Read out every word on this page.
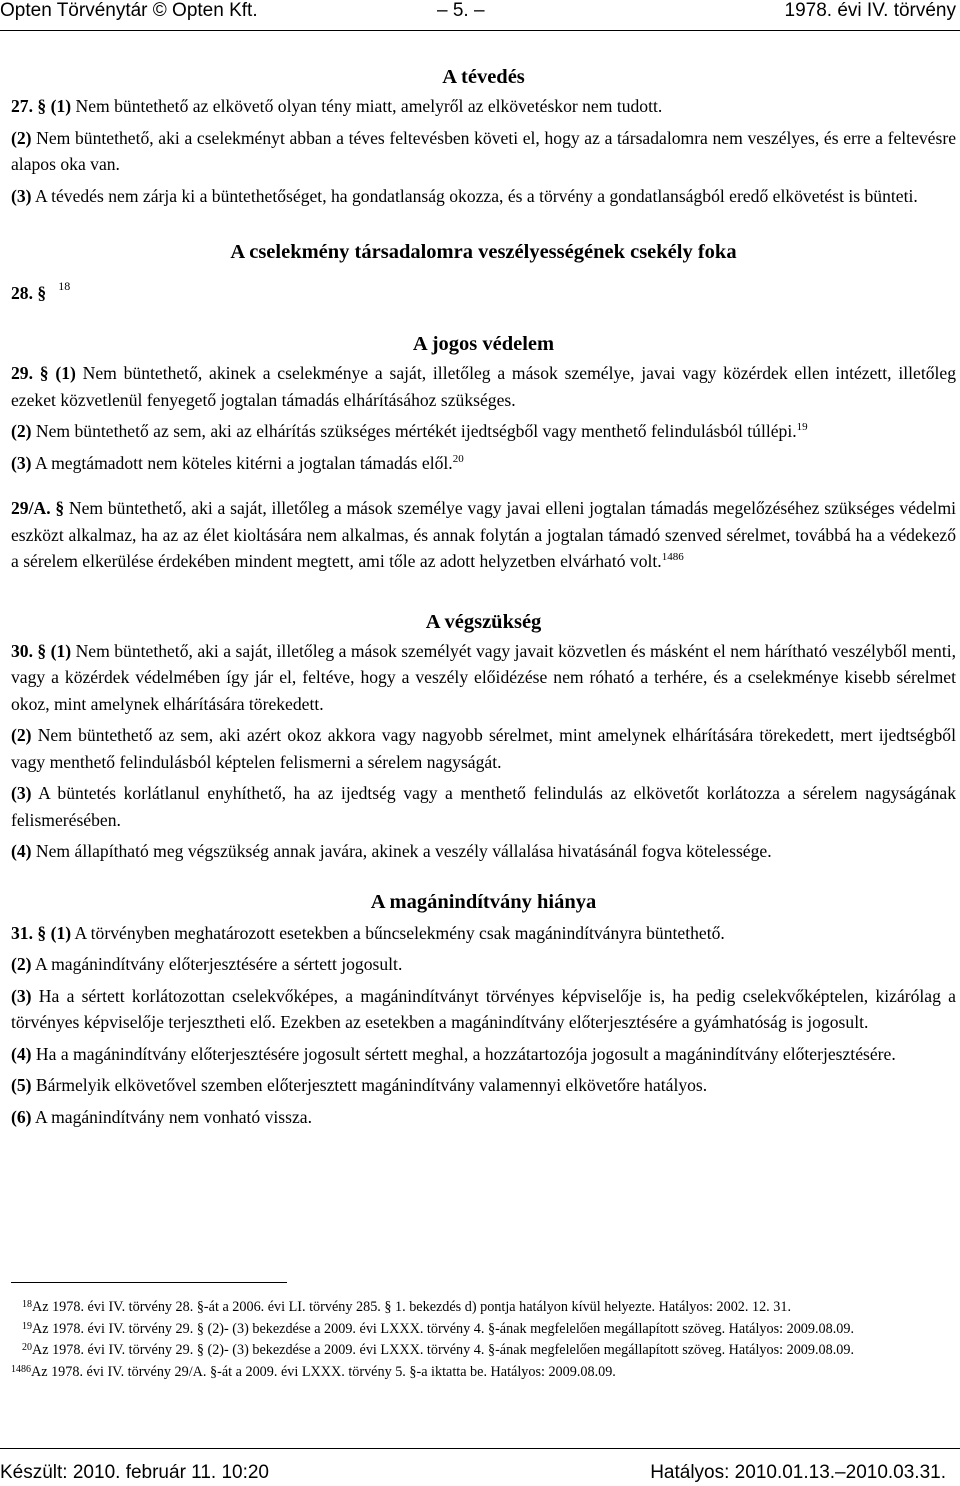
Opten Törvénytár © Opten Kft.	– 5. –	1978. évi IV. törvény
A tévedés

27. § (1) Nem büntethető az elkövető olyan tény miatt, amelyről az elkövetéskor nem tudott.

(2) Nem büntethető, aki a cselekményt abban a téves feltevésben követi el, hogy az a társadalomra nem veszélyes, és erre a feltevésre alapos oka van.

(3) A tévedés nem zárja ki a büntethetőséget, ha gondatlanság okozza, és a törvény a gondatlanságból eredő elkövetést is bünteti.

A cselekmény társadalomra veszélyességének csekély foka
28. § $^{18}$
A jogos védelem

29. § (1) Nem büntethető, akinek a cselekménye a saját, illetőleg a mások személye, javai vagy közérdek ellen intézett, illetőleg ezeket közvetlenül fenyegető jogtalan támadás elhárításához szükséges.

(2) Nem büntethető az sem, aki az elhárítás szükséges mértékét ijedtségből vagy menthető felindulásból túllépi.$^{19}$

(3) A megtámadott nem köteles kitérni a jogtalan támadás elől.$^{20}$

29/A. § Nem büntethető, aki a saját, illetőleg a mások személye vagy javai elleni jogtalan támadás megelőzéséhez szükséges védelmi eszközt alkalmaz, ha az az élet kioltására nem alkalmas, és annak folytán a jogtalan támadó szenved sérelmet, továbbá ha a védekező a sérelem elkerülése érdekében mindent megtett, ami tőle az adott helyzetben elvárható volt.$^{1486}$

A végszükség

30. § (1) Nem büntethető, aki a saját, illetőleg a mások személyét vagy javait közvetlen és másként el nem hárítható veszélyből menti, vagy a közérdek védelmében így jár el, feltéve, hogy a veszély előidézése nem róható a terhére, és a cselekménye kisebb sérelmet okoz, mint amelynek elhárítására törekedett.

(2) Nem büntethető az sem, aki azért okoz akkora vagy nagyobb sérelmet, mint amelynek elhárítására törekedett, mert ijedtségből vagy menthető felindulásból képtelen felismerni a sérelem nagyságát.

(3) A büntetés korlátlanul enyhíthető, ha az ijedtség vagy a menthető felindulás az elkövetőt korlátozza a sérelem nagyságának felismerésében.

(4) Nem állapítható meg végszükség annak javára, akinek a veszély vállalása hivatásánál fogva kötelessége.

A magánindítvány hiánya

31. § (1) A törvényben meghatározott esetekben a bűncselekmény csak magánindítványra büntethető.

(2) A magánindítvány előterjesztésére a sértett jogosult.

(3) Ha a sértett korlátozottan cselekvőképes, a magánindítványt törvényes képviselője is, ha pedig cselekvőképtelen, kizárólag a törvényes képviselője terjesztheti elő. Ezekben az esetekben a magánindítvány előterjesztésére a gyámhatóság is jogosult.

(4) Ha a magánindítvány előterjesztésére jogosult sértett meghal, a hozzátartozója jogosult a magánindítvány előterjesztésére.

(5) Bármelyik elkövetővel szemben előterjesztett magánindítvány valamennyi elkövetőre hatályos.

(6) A magánindítvány nem vonható vissza.

$^{18}$Az 1978. évi IV. törvény 28. §-át a 2006. évi LI. törvény 285. § 1. bekezdés d) pontja hatályon kívül helyezte. Hatályos: 2002. 12. 31.

$^{19}$Az 1978. évi IV. törvény 29. § (2)- (3) bekezdése a 2009. évi LXXX. törvény 4. §-ának megfelelően megállapított szöveg. Hatályos: 2009.08.09.

$^{20}$Az 1978. évi IV. törvény 29. § (2)- (3) bekezdése a 2009. évi LXXX. törvény 4. §-ának megfelelően megállapított szöveg. Hatályos: 2009.08.09.

$^{1486}$Az 1978. évi IV. törvény 29/A. §-át a 2009. évi LXXX. törvény 5. §-a iktatta be. Hatályos: 2009.08.09.

Készült: 2010. február 11. 10:20	Hatályos: 2010.01.13.–2010.03.31.
